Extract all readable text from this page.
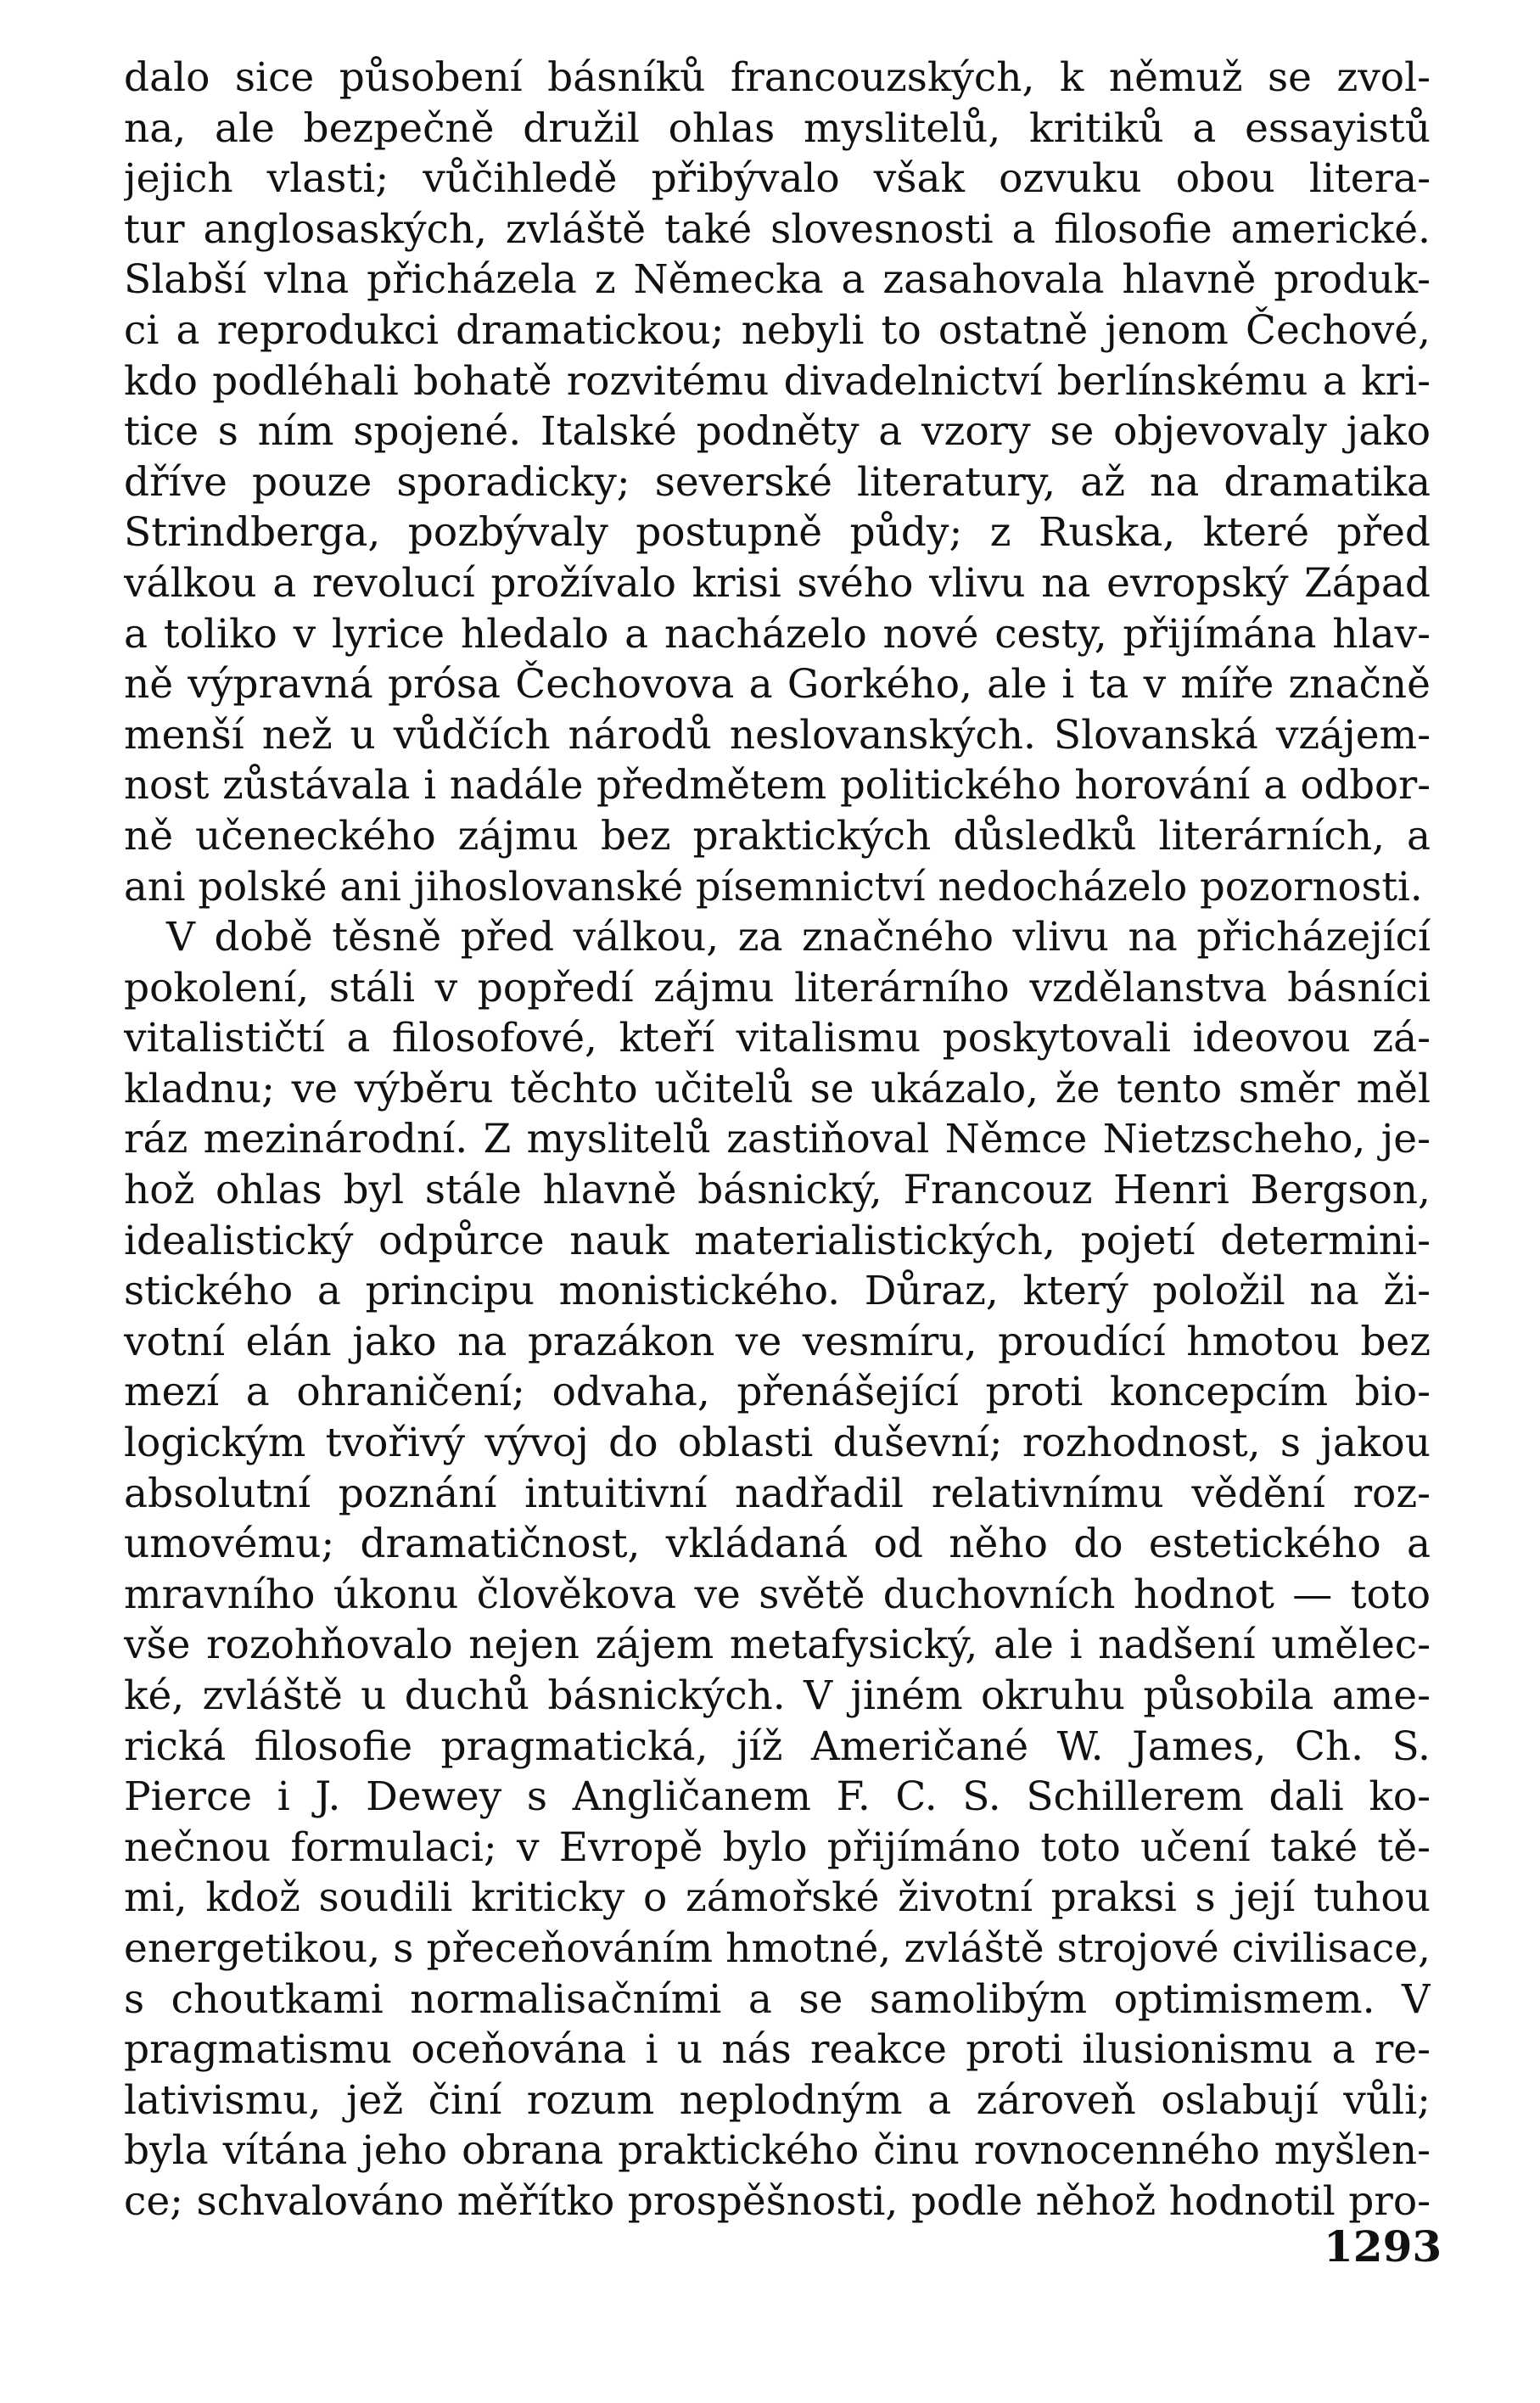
dalo sice působení básníků francouzských, k němuž se zvol-
na, ale bezpečně družil ohlas myslitelů, kritiků a essayistů
jejich vlasti; vůčihledě přibývalo však ozvuku obou litera-
tur anglosaských, zvláště také slovesnosti a filosofie americké.
Slabší vlna přicházela z Německa a zasahovala hlavně produk-
ci a reprodukci dramatickou; nebyli to ostatně jenom Čechové,
kdo podléhali bohatě rozvitému divadelnictví berlínskému a kri-
tice s ním spojené. Italské podněty a vzory se objevovaly jako
dříve pouze sporadicky; severské literatury, až na dramatika
Strindberga, pozbývaly postupně půdy; z Ruska, které před
válkou a revolucí prožívalo krisi svého vlivu na evropský Západ
a toliko v lyrice hledalo a nacházelo nové cesty, přijímána hlav-
ně výpravná prósa Čechovova a Gorkého, ale i ta v míře značně
menší než u vůdčích národů neslovanských. Slovanská vzájem-
nost zůstávala i nadále předmětem politického horování a odbor-
ně učeneckého zájmu bez praktických důsledků literárních, a
ani polské ani jihoslovanské písemnictví nedocházelo pozornosti.
V době těsně před válkou, za značného vlivu na přicházející
pokolení, stáli v popředí zájmu literárního vzdělanstva básníci
vitalističtí a filosofové, kteří vitalismu poskytovali ideovou zá-
kladnu; ve výběru těchto učitelů se ukázalo, že tento směr měl
ráz mezinárodní. Z myslitelů zastiňoval Němce Nietzscheho, je-
hož ohlas byl stále hlavně básnický, Francouz Henri Bergson,
idealistický odpůrce nauk materialistických, pojetí determini-
stického a principu monistického. Důraz, který položil na ži-
votní elán jako na prazákon ve vesmíru, proudící hmotou bez
mezí a ohraničení; odvaha, přenášející proti koncepcím bio-
logickým tvořivý vývoj do oblasti duševní; rozhodnost, s jakou
absolutní poznání intuitivní nadřadil relativnímu vědění roz-
umovému; dramatičnost, vkládaná od něho do estetického a
mravního úkonu člověkova ve světě duchovních hodnot — toto
vše rozohňovalo nejen zájem metafysický, ale i nadšení umělec-
ké, zvláště u duchů básnických. V jiném okruhu působila ame-
rická filosofie pragmatická, jíž Američané W. James, Ch. S.
Pierce i J. Dewey s Angličanem F. C. S. Schillerem dali ko-
nečnou formulaci; v Evropě bylo přijímáno toto učení také tě-
mi, kdož soudili kriticky o zámořské životní praksi s její tuhou
energetikou, s přeceňováním hmotné, zvláště strojové civilisace,
s choutkami normalisačními a se samolibým optimismem. V
pragmatismu oceňována i u nás reakce proti ilusionismu a re-
lativismu, jež činí rozum neplodným a zároveň oslabují vůli;
byla vítána jeho obrana praktického činu rovnocenného myšlen-
ce; schvalováno měřítko prospěšnosti, podle něhož hodnotil pro-
1293
